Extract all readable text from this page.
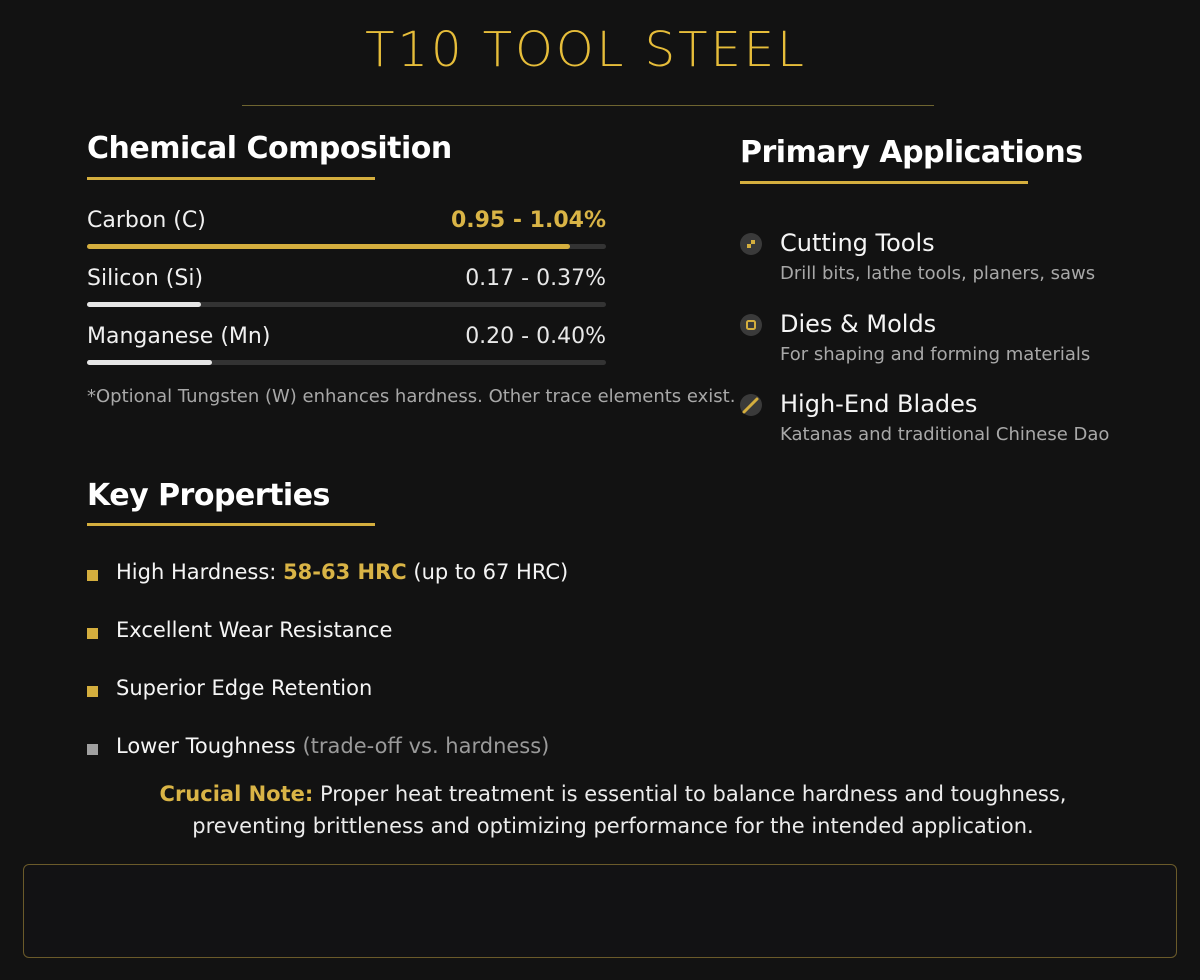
T10 TOOL STEEL
Chemical Composition
Carbon (C)	0.95 - 1.04%
Silicon (Si)	0.17 - 0.37%
Manganese (Mn)	0.20 - 0.40%
*Optional Tungsten (W) enhances hardness. Other trace elements exist.
Primary Applications
Cutting Tools
Drill bits, lathe tools, planers, saws
Dies & Molds
For shaping and forming materials
High-End Blades
Katanas and traditional Chinese Dao
Key Properties
High Hardness: 58-63 HRC (up to 67 HRC)
Excellent Wear Resistance
Superior Edge Retention
Lower Toughness (trade-off vs. hardness)
Crucial Note: Proper heat treatment is essential to balance hardness and toughness,
preventing brittleness and optimizing performance for the intended application.
